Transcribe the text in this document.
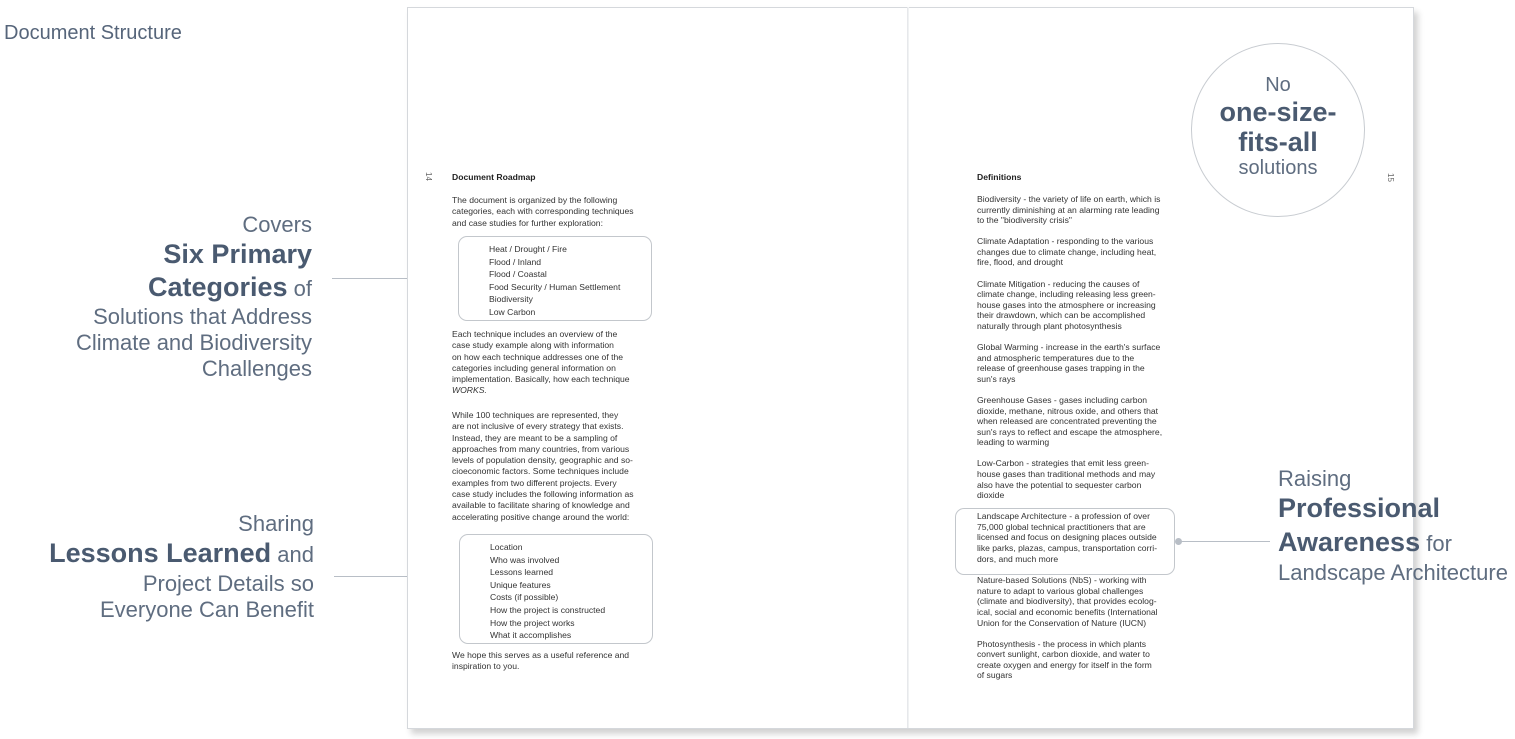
Document Structure
Covers
Six Primary
Categories of
Solutions that Address
Climate and Biodiversity
Challenges
Sharing
Lessons Learned and
Project Details so
Everyone Can Benefit
14 Document Roadmap
The document is organized by the following
categories, each with corresponding techniques
and case studies for further exploration:
Heat / Drought / Fire
Flood / Inland
Flood / Coastal
Food Security / Human Settlement
Biodiversity
Low Carbon
Each technique includes an overview of the
case study example along with information
on how each technique addresses one of the
categories including general information on
implementation. Basically, how each technique
WORKS.
While 100 techniques are represented, they
are not inclusive of every strategy that exists.
Instead, they are meant to be a sampling of
approaches from many countries, from various
levels of population density, geographic and so-
cioeconomic factors. Some techniques include
examples from two different projects. Every
case study includes the following information as
available to facilitate sharing of knowledge and
accelerating positive change around the world:
Location
Who was involved
Lessons learned
Unique features
Costs (if possible)
How the project is constructed
How the project works
What it accomplishes
We hope this serves as a useful reference and
inspiration to you.
No
one-size-
fits-all
solutions	15
Definitions
Biodiversity - the variety of life on earth, which is
currently diminishing at an alarming rate leading
to the "biodiversity crisis"
Climate Adaptation - responding to the various
changes due to climate change, including heat,
fire, flood, and drought
Climate Mitigation - reducing the causes of
climate change, including releasing less green-
house gases into the atmosphere or increasing
their drawdown, which can be accomplished
naturally through plant photosynthesis
Global Warming - increase in the earth's surface
and atmospheric temperatures due to the
release of greenhouse gases trapping in the
sun's rays
Greenhouse Gases - gases including carbon
dioxide, methane, nitrous oxide, and others that
when released are concentrated preventing the
sun's rays to reflect and escape the atmosphere,
leading to warming
Low-Carbon - strategies that emit less green-
house gases than traditional methods and may
also have the potential to sequester carbon
dioxide
Landscape Architecture - a profession of over
75,000 global technical practitioners that are
licensed and focus on designing places outside
like parks, plazas, campus, transportation corri-
dors, and much more
Nature-based Solutions (NbS) - working with
nature to adapt to various global challenges
(climate and biodiversity), that provides ecolog-
ical, social and economic benefits (International
Union for the Conservation of Nature (IUCN)
Photosynthesis - the process in which plants
convert sunlight, carbon dioxide, and water to
create oxygen and energy for itself in the form
of sugars
Raising
Professional
Awareness for
Landscape Architecture
